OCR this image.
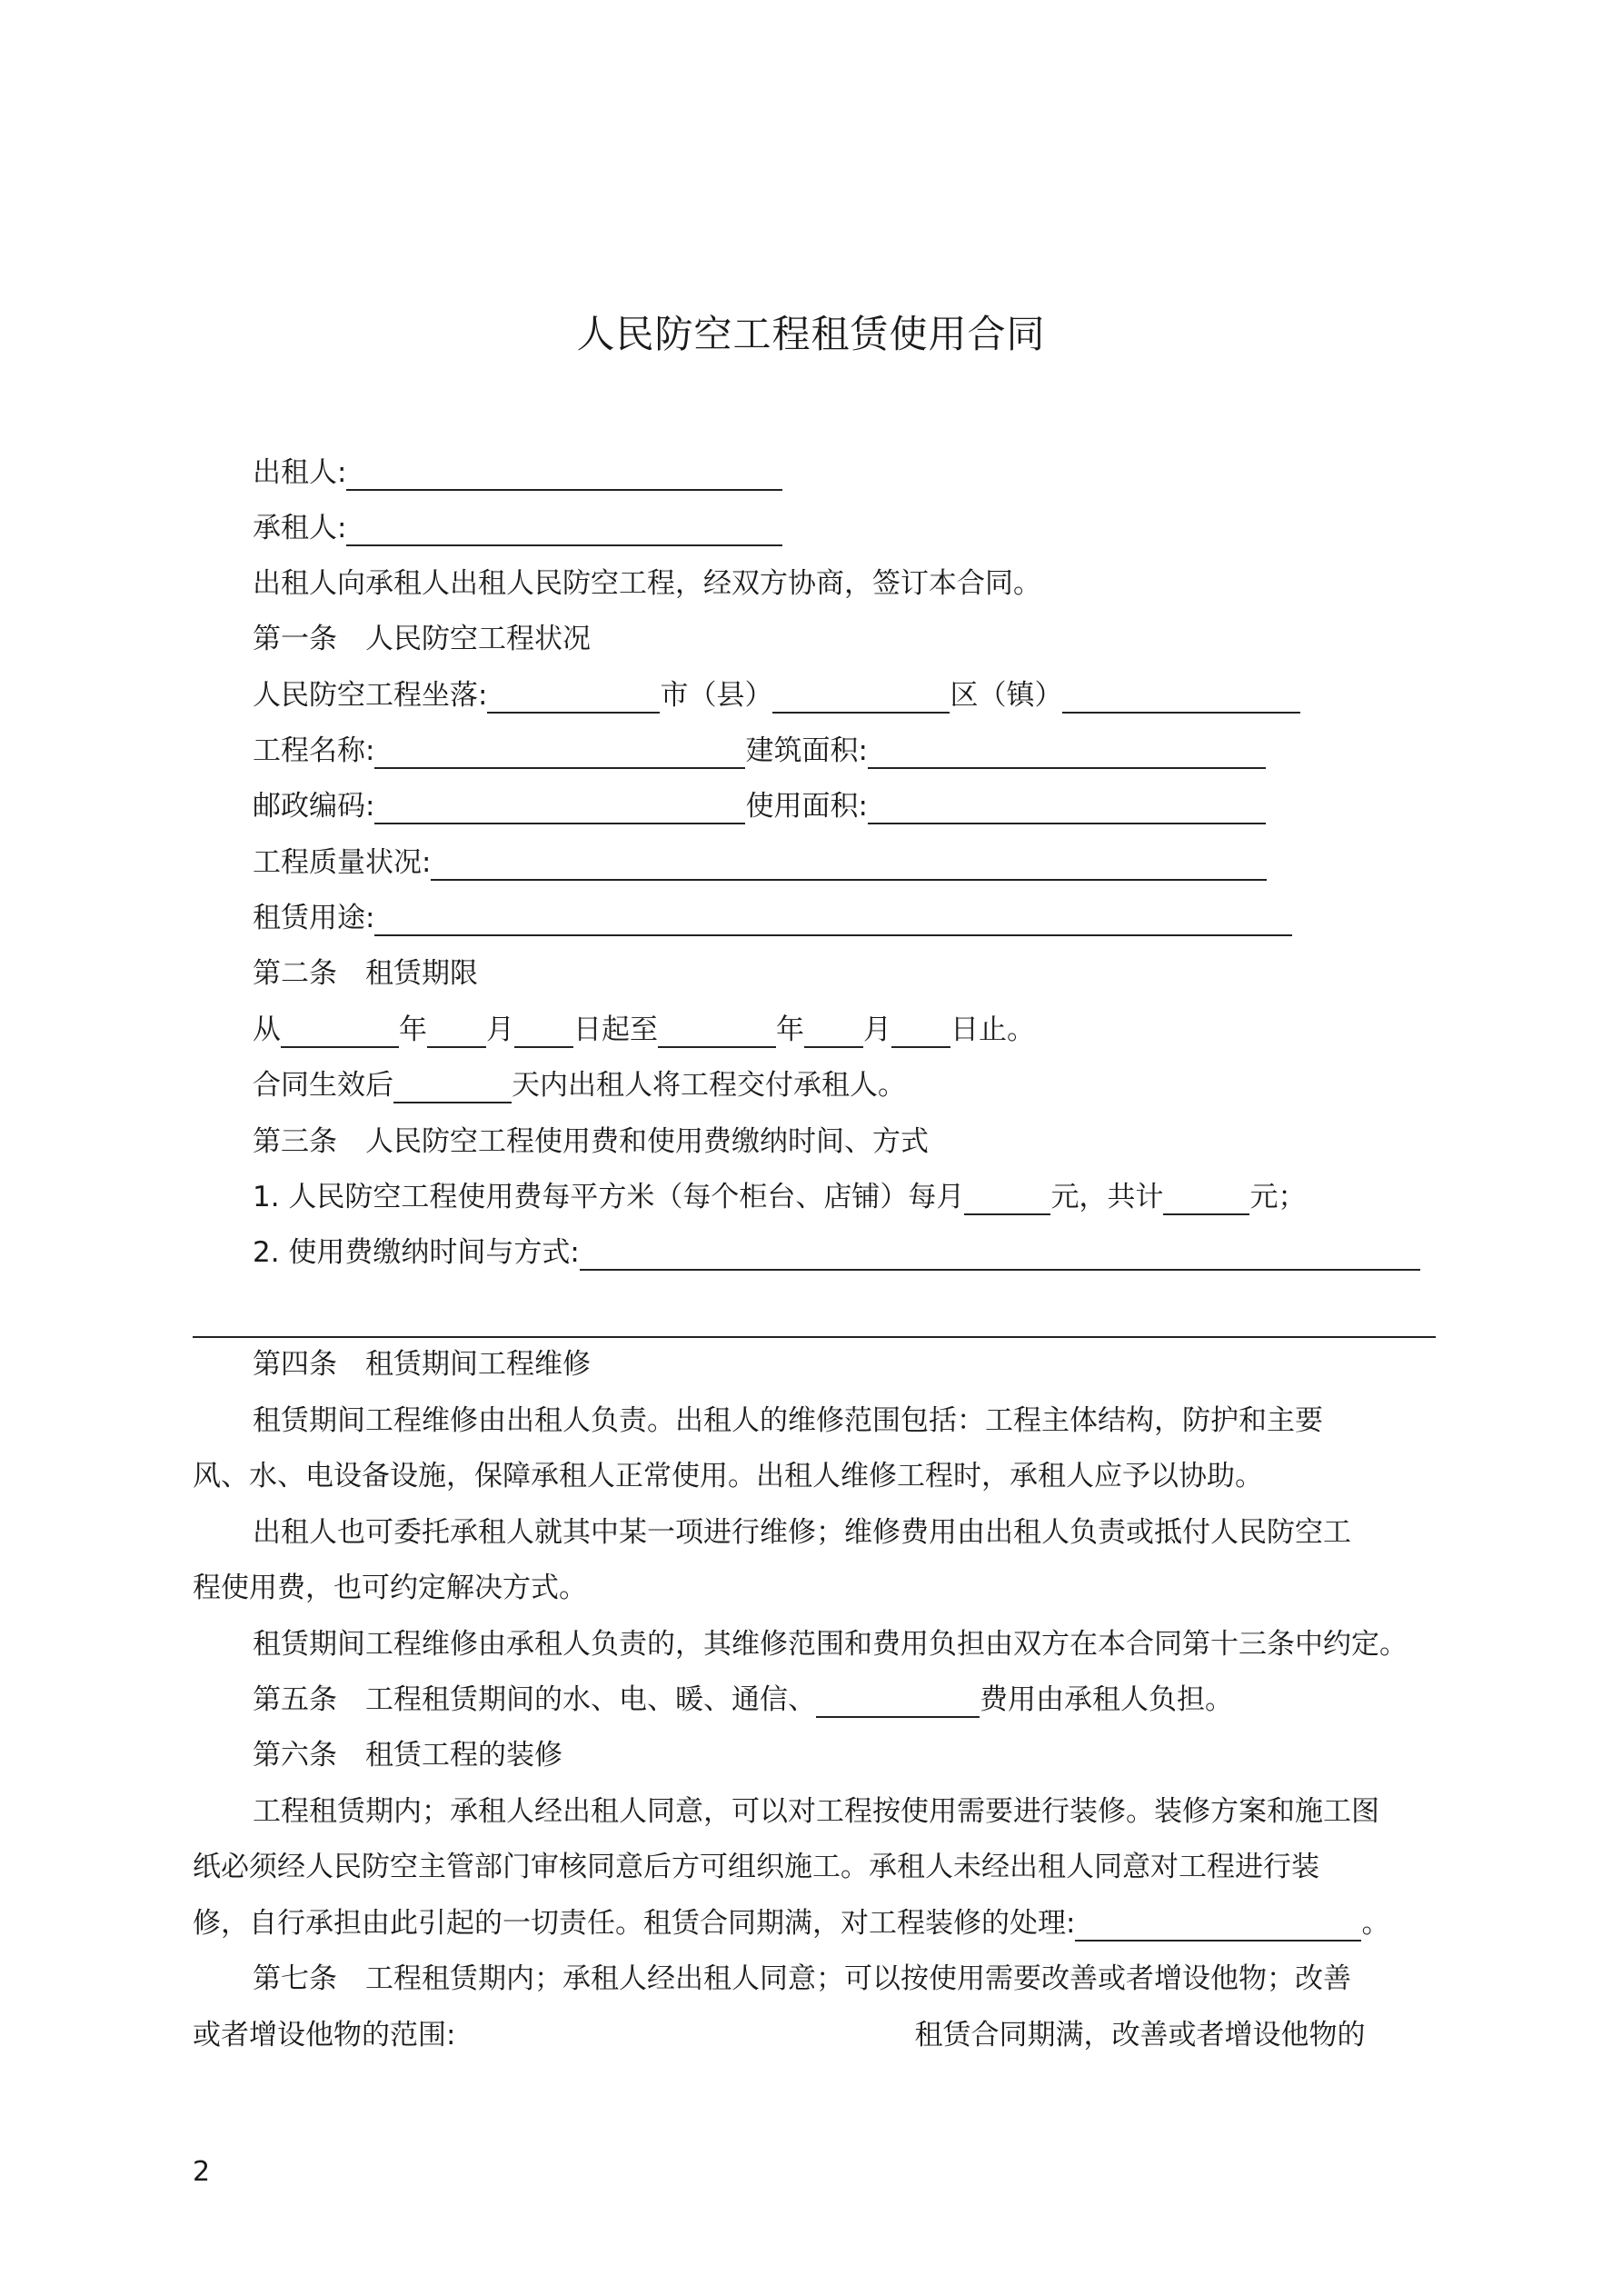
人民防空工程租赁使用合同
出租人:
承租人:
出租人向承租人出租人民防空工程，经双方协商，签订本合同。
第一条　人民防空工程状况
人民防空工程坐落:	市（县）	区（镇）
工程名称:	建筑面积:
邮政编码:	使用面积:
工程质量状况:
租赁用途:
第二条　租赁期限
从	年 月 日起至	年 月 日止。
合同生效后	天内出租人将工程交付承租人。
第三条　人民防空工程使用费和使用费缴纳时间、方式
1. 人民防空工程使用费每平方米（每个柜台、店铺）每月	元，共计	元；
2. 使用费缴纳时间与方式:
第四条　租赁期间工程维修
租赁期间工程维修由出租人负责。出租人的维修范围包括：工程主体结构，防护和主要
风、水、电设备设施，保障承租人正常使用。出租人维修工程时，承租人应予以协助。
出租人也可委托承租人就其中某一项进行维修；维修费用由出租人负责或抵付人民防空工
程使用费，也可约定解决方式。
租赁期间工程维修由承租人负责的，其维修范围和费用负担由双方在本合同第十三条中约定。
第五条　工程租赁期间的水、电、暖、通信、	费用由承租人负担。
第六条　租赁工程的装修
工程租赁期内；承租人经出租人同意，可以对工程按使用需要进行装修。装修方案和施工图
纸必须经人民防空主管部门审核同意后方可组织施工。承租人未经出租人同意对工程进行装
修，自行承担由此引起的一切责任。租赁合同期满，对工程装修的处理:	。
第七条　工程租赁期内；承租人经出租人同意；可以按使用需要改善或者增设他物；改善
或者增设他物的范围:	租赁合同期满，改善或者增设他物的
2
